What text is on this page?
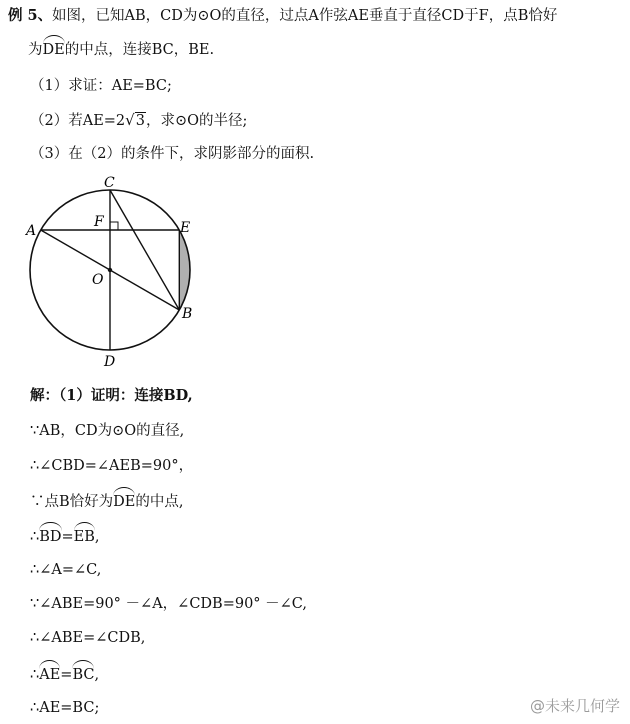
例 5、 如图，已知AB，CD为⊙O的直径，过点A作弦AE垂直于直径CD于F，点B恰好
为DE的中点，连接BC，BE.
（1）求证：AE=BC;
（2）若AE=2√3，求⊙O的半径;
（3）在（2）的条件下，求阴影部分的面积.
C
A
F	E
O
B
D
解：（1）证明：连接BD,
∵AB，CD为⊙O的直径,
∴∠CBD=∠AEB=90°，
∵点B恰好为DE的中点,
∴BD=EB,
∴∠A=∠C,
∵∠ABE=90° －∠A，∠CDB=90° －∠C,
∴∠ABE=∠CDB,
∴AE=BC,
∴AE=BC;	@未来几何学
